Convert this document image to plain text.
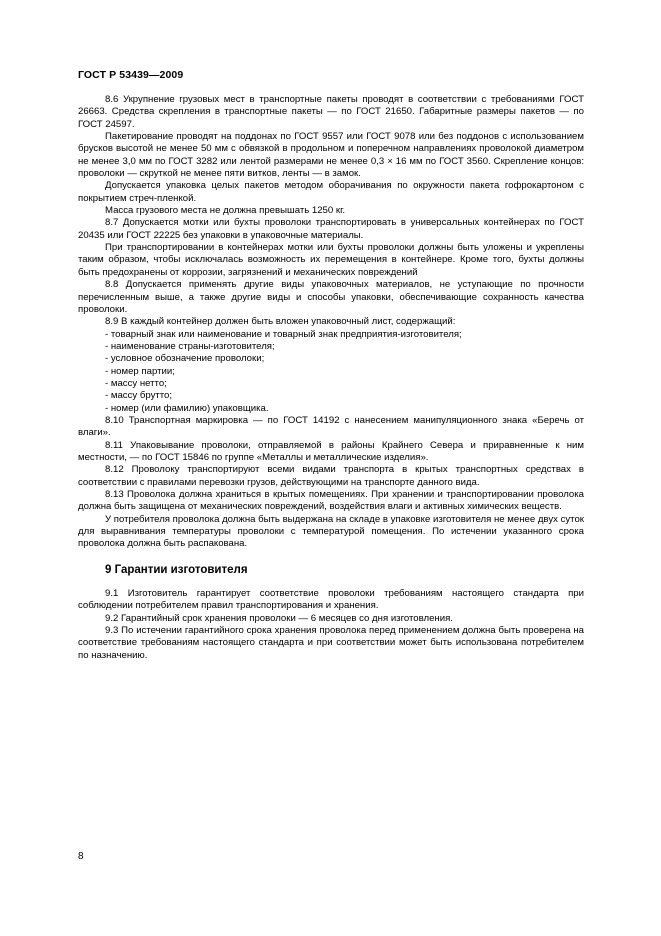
ГОСТ Р 53439—2009

8.6 Укрупнение грузовых мест в транспортные пакеты проводят в соответствии с требованиями ГОСТ 26663. Средства скрепления в транспортные пакеты — по ГОСТ 21650. Габаритные размеры пакетов — по ГОСТ 24597.

Пакетирование проводят на поддонах по ГОСТ 9557 или ГОСТ 9078 или без поддонов с использованием брусков высотой не менее 50 мм с обвязкой в продольном и поперечном направлениях проволокой диаметром не менее 3,0 мм по ГОСТ 3282 или лентой размерами не менее 0,3 × 16 мм по ГОСТ 3560. Скрепление концов: проволоки — скруткой не менее пяти витков, ленты — в замок.

Допускается упаковка целых пакетов методом оборачивания по окружности пакета гофрокартоном с покрытием стреч-пленкой.

Масса грузового места не должна превышать 1250 кг.

8.7 Допускается мотки или бухты проволоки транспортировать в универсальных контейнерах по ГОСТ 20435 или ГОСТ 22225 без упаковки в упаковочные материалы.

При транспортировании в контейнерах мотки или бухты проволоки должны быть уложены и укреплены таким образом, чтобы исключалась возможность их перемещения в контейнере. Кроме того, бухты должны быть предохранены от коррозии, загрязнений и механических повреждений

8.8 Допускается применять другие виды упаковочных материалов, не уступающие по прочности перечисленным выше, а также другие виды и способы упаковки, обеспечивающие сохранность качества проволоки.

8.9 В каждый контейнер должен быть вложен упаковочный лист, содержащий:

- товарный знак или наименование и товарный знак предприятия-изготовителя;

- наименование страны-изготовителя;

- условное обозначение проволоки;

- номер партии;

- массу нетто;

- массу брутто;

- номер (или фамилию) упаковщика.

8.10 Транспортная маркировка — по ГОСТ 14192 с нанесением манипуляционного знака «Беречь от влаги».

8.11 Упаковывание проволоки, отправляемой в районы Крайнего Севера и приравненные к ним местности, — по ГОСТ 15846 по группе «Металлы и металлические изделия».

8.12 Проволоку транспортируют всеми видами транспорта в крытых транспортных средствах в соответствии с правилами перевозки грузов, действующими на транспорте данного вида.

8.13 Проволока должна храниться в крытых помещениях. При хранении и транспортировании проволока должна быть защищена от механических повреждений, воздействия влаги и активных химических веществ.

У потребителя проволока должна быть выдержана на складе в упаковке изготовителя не менее двух суток для выравнивания температуры проволоки с температурой помещения. По истечении указанного срока проволока должна быть распакована.

9 Гарантии изготовителя

9.1 Изготовитель гарантирует соответствие проволоки требованиям настоящего стандарта при соблюдении потребителем правил транспортирования и хранения.

9.2 Гарантийный срок хранения проволоки — 6 месяцев со дня изготовления.

9.3 По истечении гарантийного срока хранения проволока перед применением должна быть проверена на соответствие требованиям настоящего стандарта и при соответствии может быть использована потребителем по назначению.

8
